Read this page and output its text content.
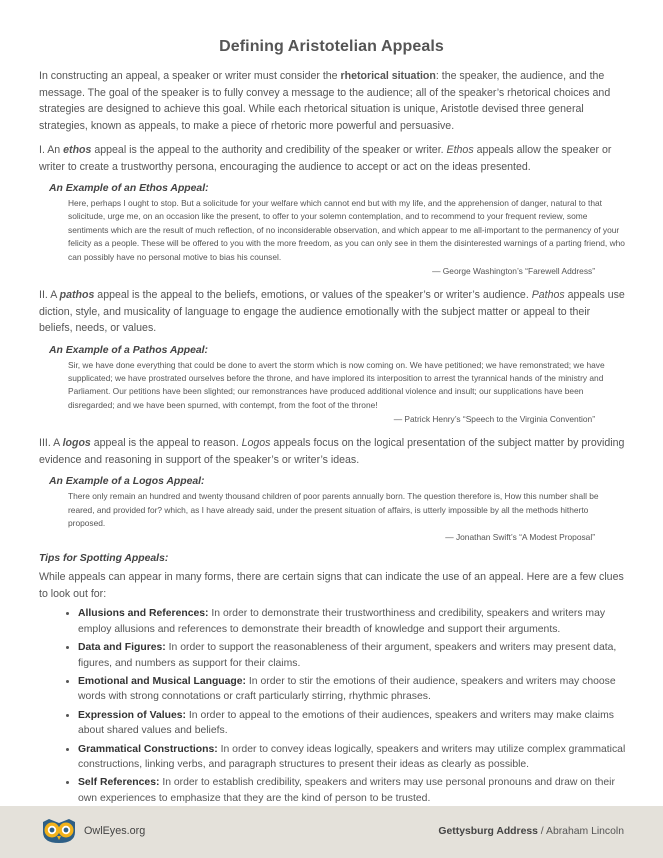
Defining Aristotelian Appeals

In constructing an appeal, a speaker or writer must consider the rhetorical situation: the speaker, the audience, and the message. The goal of the speaker is to fully convey a message to the audience; all of the speaker’s rhetorical choices and strategies are designed to achieve this goal. While each rhetorical situation is unique, Aristotle devised three general strategies, known as appeals, to make a piece of rhetoric more powerful and persuasive.

I. An ethos appeal is the appeal to the authority and credibility of the speaker or writer. Ethos appeals allow the speaker or writer to create a trustworthy persona, encouraging the audience to accept or act on the ideas presented.

An Example of an Ethos Appeal:

Here, perhaps I ought to stop. But a solicitude for your welfare which cannot end but with my life, and the apprehension of danger, natural to that solicitude, urge me, on an occasion like the present, to offer to your solemn contemplation, and to recommend to your frequent review, some sentiments which are the result of much reflection, of no inconsiderable observation, and which appear to me all-important to the permanency of your felicity as a people. These will be offered to you with the more freedom, as you can only see in them the disinterested warnings of a parting friend, who can possibly have no personal motive to bias his counsel.

— George Washington’s “Farewell Address”

II. A pathos appeal is the appeal to the beliefs, emotions, or values of the speaker’s or writer’s audience. Pathos appeals use diction, style, and musicality of language to engage the audience emotionally with the subject matter or appeal to their beliefs, needs, or values.

An Example of a Pathos Appeal:

Sir, we have done everything that could be done to avert the storm which is now coming on. We have petitioned; we have remonstrated; we have supplicated; we have prostrated ourselves before the throne, and have implored its interposition to arrest the tyrannical hands of the ministry and Parliament. Our petitions have been slighted; our remonstrances have produced additional violence and insult; our supplications have been disregarded; and we have been spurned, with contempt, from the foot of the throne!

— Patrick Henry’s “Speech to the Virginia Convention”

III. A logos appeal is the appeal to reason. Logos appeals focus on the logical presentation of the subject matter by providing evidence and reasoning in support of the speaker’s or writer’s ideas.

An Example of a Logos Appeal:

There only remain an hundred and twenty thousand children of poor parents annually born. The question therefore is, How this number shall be reared, and provided for? which, as I have already said, under the present situation of affairs, is utterly impossible by all the methods hitherto proposed.

— Jonathan Swift’s “A Modest Proposal”
Tips for Spotting Appeals:

While appeals can appear in many forms, there are certain signs that can indicate the use of an appeal. Here are a few clues to look out for:

• Allusions and References: In order to demonstrate their trustworthiness and credibility, speakers and writers may employ allusions and references to demonstrate their breadth of knowledge and support their arguments.
• Data and Figures: In order to support the reasonableness of their argument, speakers and writers may present data, figures, and numbers as support for their claims.
• Emotional and Musical Language: In order to stir the emotions of their audience, speakers and writers may choose words with strong connotations or craft particularly stirring, rhythmic phrases.
• Expression of Values: In order to appeal to the emotions of their audiences, speakers and writers may make claims about shared values and beliefs.
• Grammatical Constructions: In order to convey ideas logically, speakers and writers may utilize complex grammatical constructions, linking verbs, and paragraph structures to present their ideas as clearly as possible.
• Self References: In order to establish credibility, speakers and writers may use personal pronouns and draw on their own experiences to emphasize that they are the kind of person to be trusted.
OwlEyes.org	Gettysburg Address / Abraham Lincoln
